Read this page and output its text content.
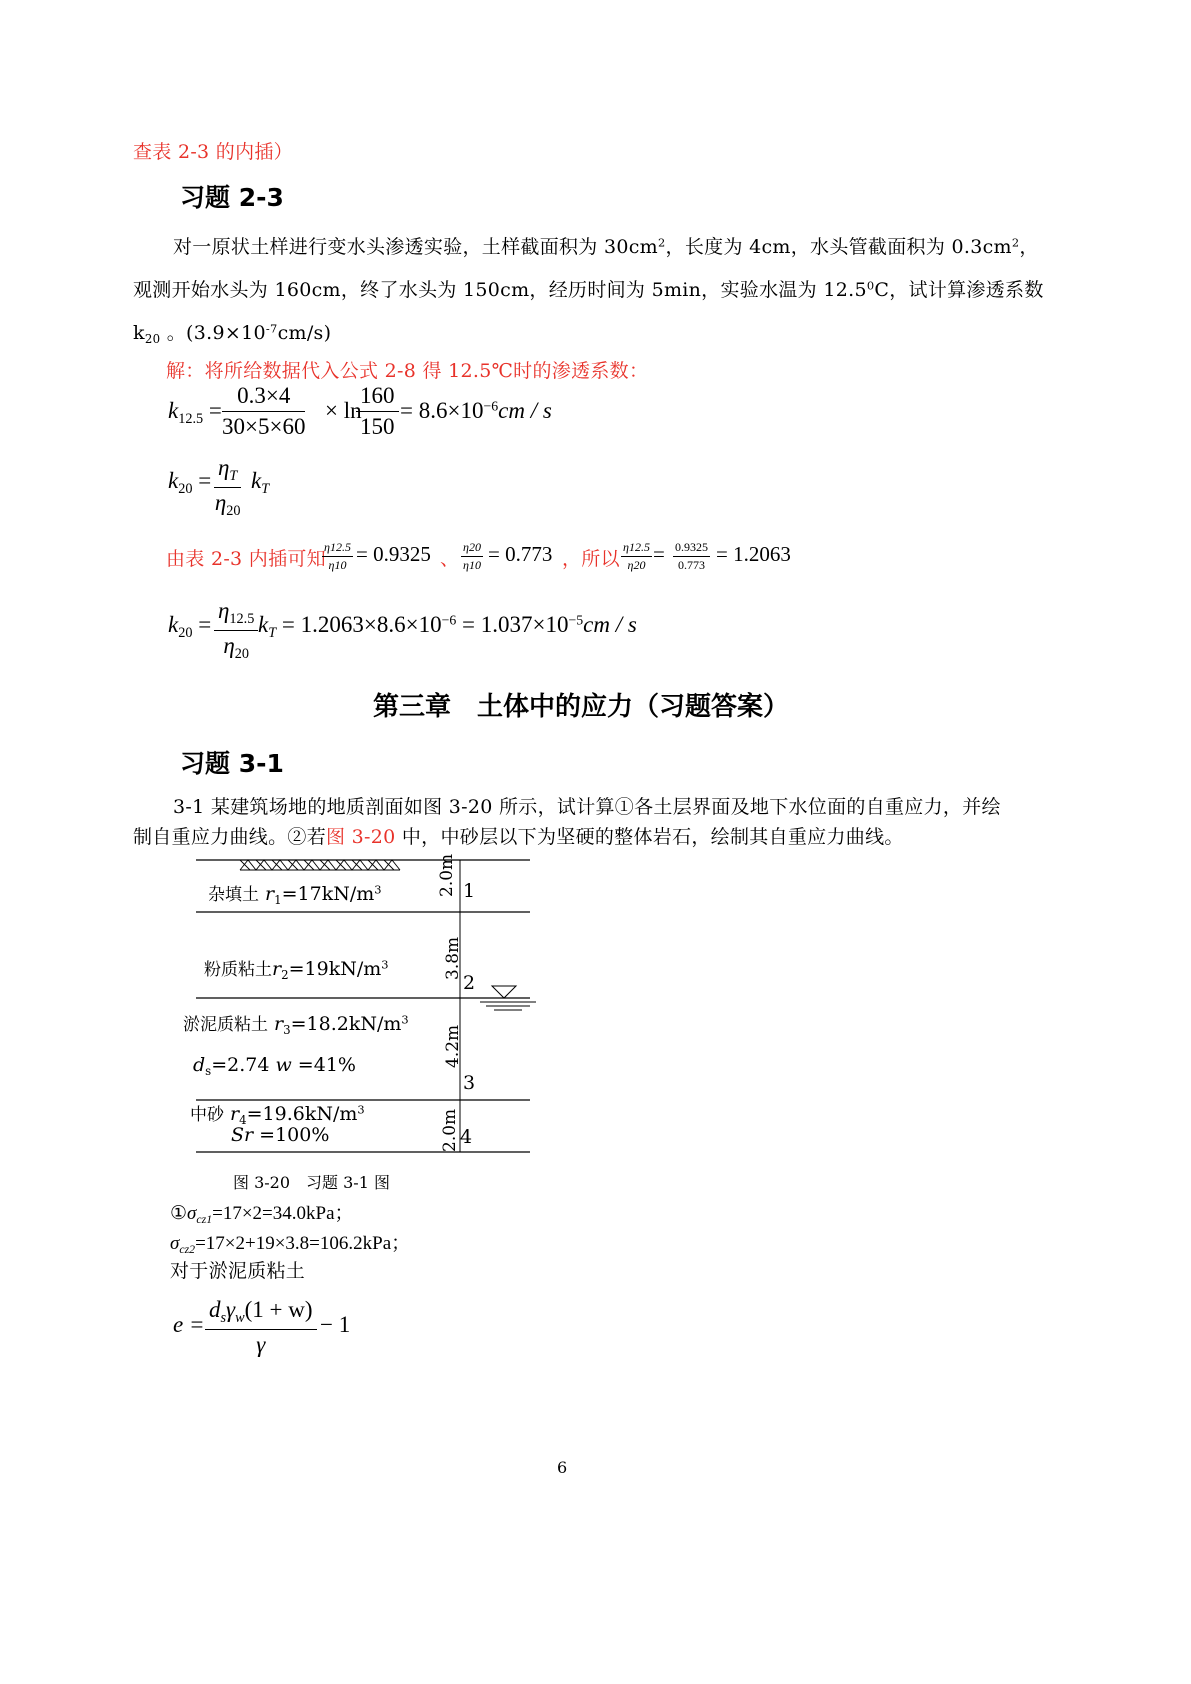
查表 2-3 的内插）
习题 2-3
对一原状土样进行变水头渗透实验，土样截面积为 $30cm^2$，长度为 4cm，水头管截面积为 $0.3cm^2$，
观测开始水头为 160cm，终了水头为 150cm，经历时间为 5min，实验水温为 12.5$^0$C，试计算渗透系数
$k_{20}$ 。$(3.9\times 10^{-7}cm/s)$
解：将所给数据代入公式 2-8 得 12.5℃时的渗透系数：
$k_{12.5} = \frac{0.3\times 4}{30\times 5\times 60} \times \ln$
$\frac{160}{150} = 8.6\times 10^{-6}cm / s$
$k_{20} = \frac{\eta_T}{\eta_{20}} k_T$
由表 2-3 内插可知
$\frac{\eta 12.5}{\eta 10} = 0.9325$ 、 $\frac{\eta 20}{\eta 10} = 0.773$ ，所以 $\frac{\eta 12.5}{\eta 20} = \frac{0.9325}{0.773} = 1.2063$
$k_{20} = \frac{\eta_{12.5}}{\eta_{20}} k_T = 1.2063\times 8.6\times 10^{-6} = 1.037\times 10^{-5}cm / s$
第三章　土体中的应力（习题答案）
习题 3-1
3-1 某建筑场地的地质剖面如图 3-20 所示，试计算①各土层界面及地下水位面的自重应力，并绘
制自重应力曲线。②若图 3-20 中，中砂层以下为坚硬的整体岩石，绘制其自重应力曲线。
杂填土 $r_1=17kN/m^3$	2.0m 1
粉质粘土$r_2=19kN/m^3$	3.8m
2
淤泥质粘土 $r_3=18.2kN/m^3$
$d_s=2.74$ w =41%	4.2m
3
中砂 $r_4=19.6kN/m^3$
Sr =100%	2.0m 4
图 3-20　习题 3-1 图
$①\sigma_{cz1}=17\times 2=34.0kPa$；
$\sigma_{cz2}=17\times 2+19\times 3.8=106.2kPa$；
对于淤泥质粘土
e =
$d_s\gamma_w(1 + w)$
γ
− 1
6
